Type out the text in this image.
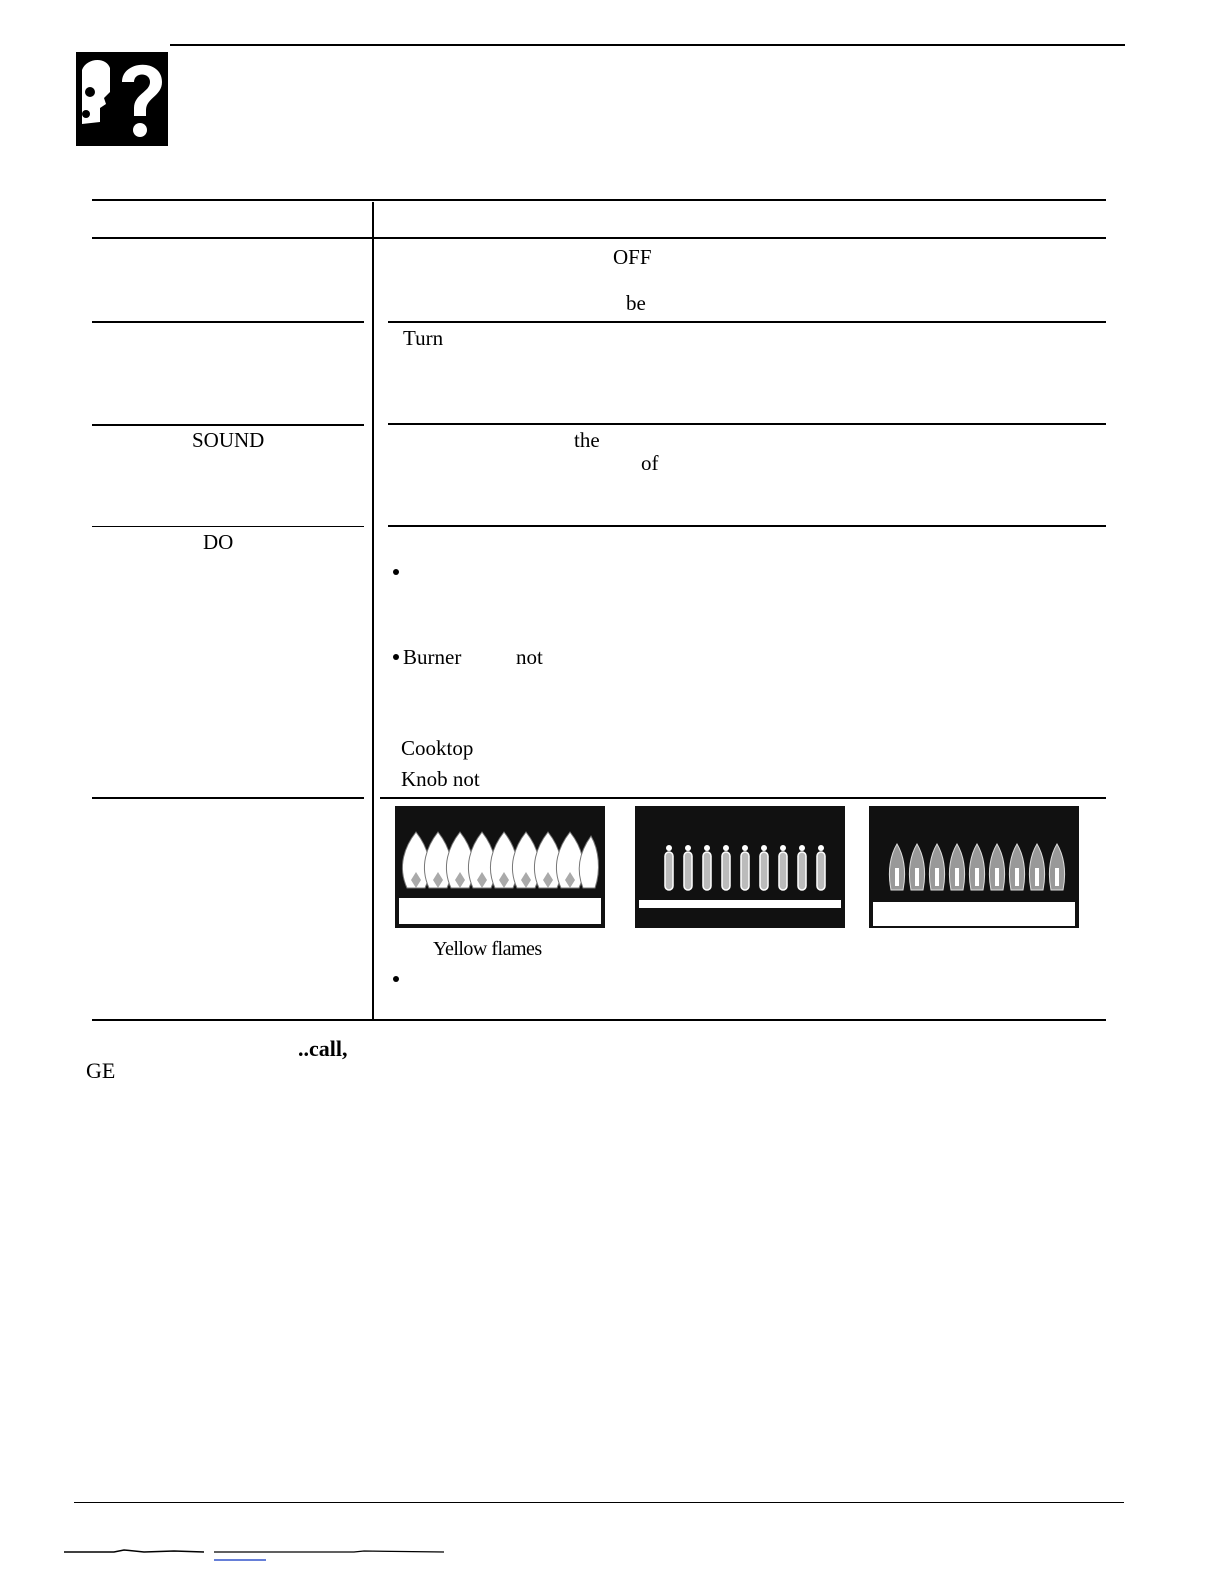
SOUND
DO
OFF
be
Turn
the
of
Burner	not
Cooktop
Knob not
Yellow flames
..call,
GE
